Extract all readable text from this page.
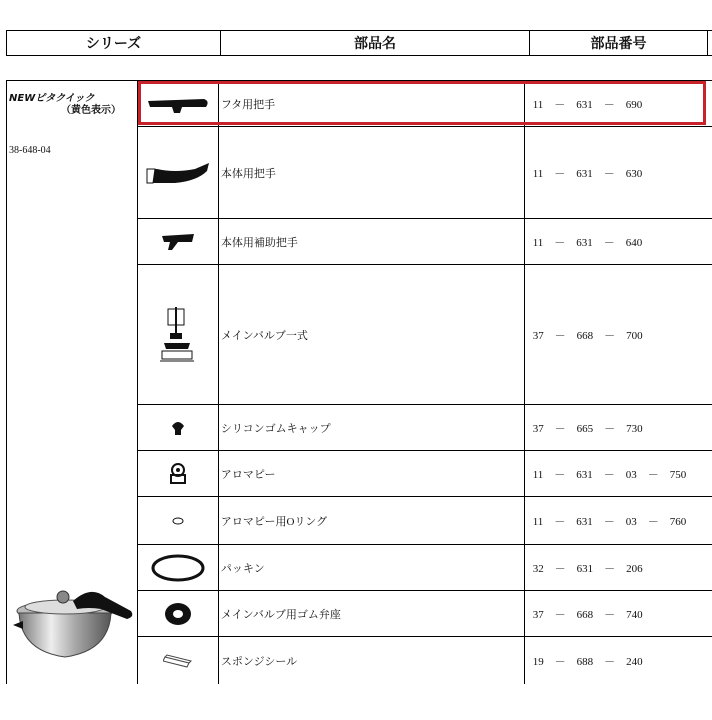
シリーズ	部品名	部品番号
NEWピタクイック
（黄色表示）
38-648-04
フタ用把手	11　－　631　－　690
本体用把手	11　－　631　－　630
本体用補助把手	11　－　631　－　640
メインバルブ一式	37　－　668　－　700
シリコンゴムキャップ	37　－　665　－　730
アロマピー	11　－　631　－　03　－　750
アロマピー用Oリング	11　－　631　－　03　－　760
パッキン	32　－　631　－　206
メインバルブ用ゴム弁座	37　－　668　－　740
スポンジシール	19　－　688　－　240
